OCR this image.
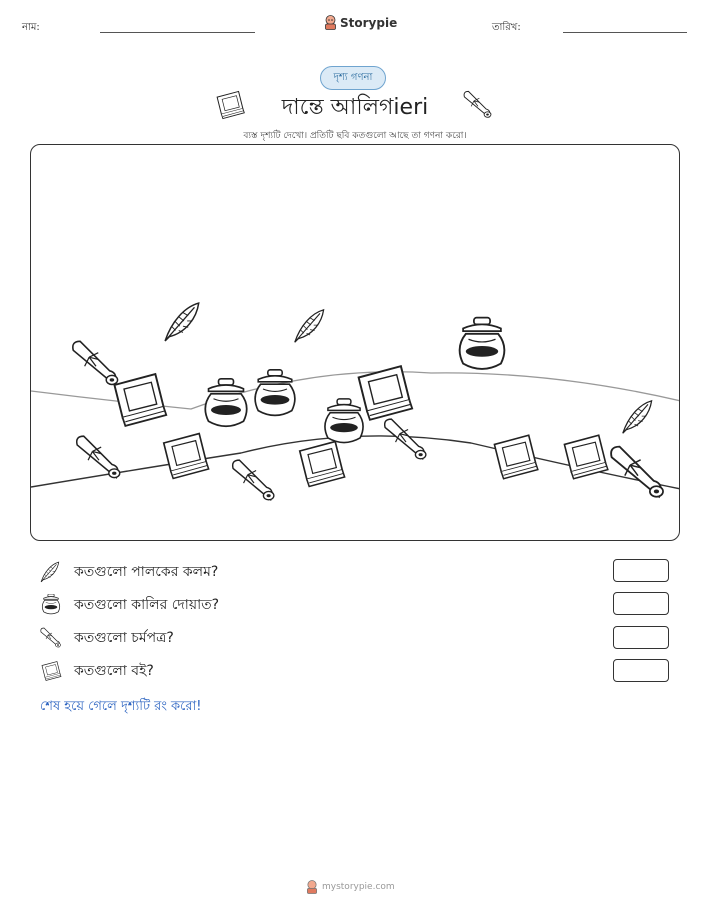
নাম:	Storypie	তারিখ:
দৃশ্য গণনা
দান্তে আলিগieri
ব্যস্ত দৃশ্যটি দেখো। প্রতিটি ছবি কতগুলো আছে তা গণনা করো।
কতগুলো পালকের কলম?
কতগুলো কালির দোয়াত?
কতগুলো চর্মপত্র?
কতগুলো বই?
শেষ হয়ে গেলে দৃশ্যটি রং করো!
mystorypie.com
